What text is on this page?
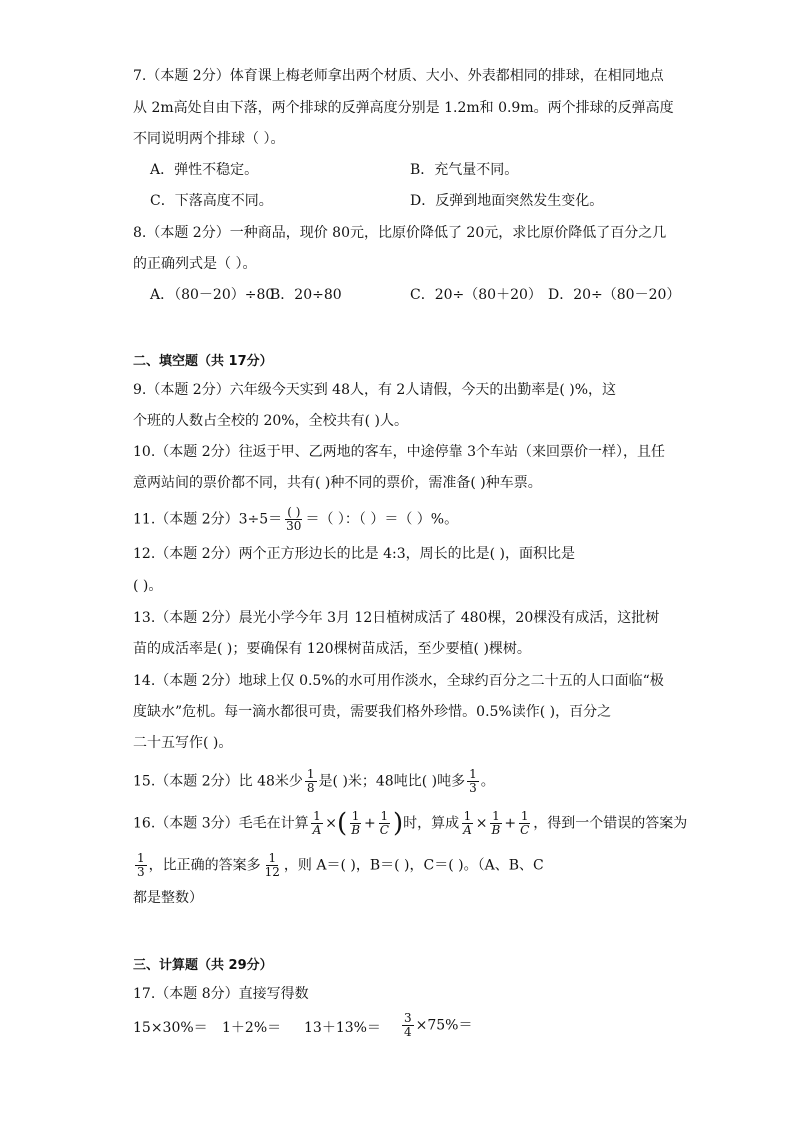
7.（本题 2分）体育课上梅老师拿出两个材质、大小、外表都相同的排球，在相同地点
从 2m高处自由下落，两个排球的反弹高度分别是 1.2m和 0.9m。两个排球的反弹高度
不同说明两个排球（ ）。
A．弹性不稳定。	B．充气量不同。
C．下落高度不同。	D．反弹到地面突然发生变化。
8.（本题 2分）一种商品，现价 80元，比原价降低了 20元，求比原价降低了百分之几
的正确列式是（ ）。
A．（80－20）÷80
B．20÷80	C．20÷（80＋20） D．20÷（80－20）
二、填空题（共 17分）
9.（本题 2分）六年级今天实到 48人，有 2人请假，今天的出勤率是( )%，这
个班的人数占全校的 20%，全校共有( )人。
10.（本题 2分）往返于甲、乙两地的客车，中途停靠 3个车站（来回票价一样），且任
意两站间的票价都不同，共有( )种不同的票价，需准备( )种车票。
11.（本题 2分）$3\div 5= \frac{( )}{30}$ ＝（ ）：（ ）＝（ ）%。
12.（本题 2分）两个正方形边长的比是 4:3，周长的比是( )，面积比是
( )。
13.（本题 2分）晨光小学今年 3月 12日植树成活了 480棵，20棵没有成活，这批树
苗的成活率是( )；要确保有 120棵树苗成活，至少要植( )棵树。
14.（本题 2分）地球上仅 0.5%的水可用作淡水，全球约百分之二十五的人口面临“极
度缺水”危机。每一滴水都很可贵，需要我们格外珍惜。0.5%读作( )，百分之
二十五写作( )。
15.（本题 2分）比 48米少 $\frac{1}{8}$ 是( )米；48吨比( )吨多 $\frac{1}{3}$ 。
16.（本题 3分）毛毛在计算 $\frac{1}{A}$ ×( $\frac{1}{B} + \frac{1}{C}$ )时，算成 $\frac{1}{A} \times \frac{1}{B} + \frac{1}{C}$ ，得到一个错误的答案为
$\frac{1}{3}$ ，比正确的答案多 $\frac{1}{12}$ ，则 A＝( )，B＝( )，C＝( )。（A、B、C
都是整数）
三、计算题（共 29分）
17.（本题 8分）直接写得数
$15\times 30\%= 1+2\%= 13+13\%= \frac{3}{4} \times 75\%=$
